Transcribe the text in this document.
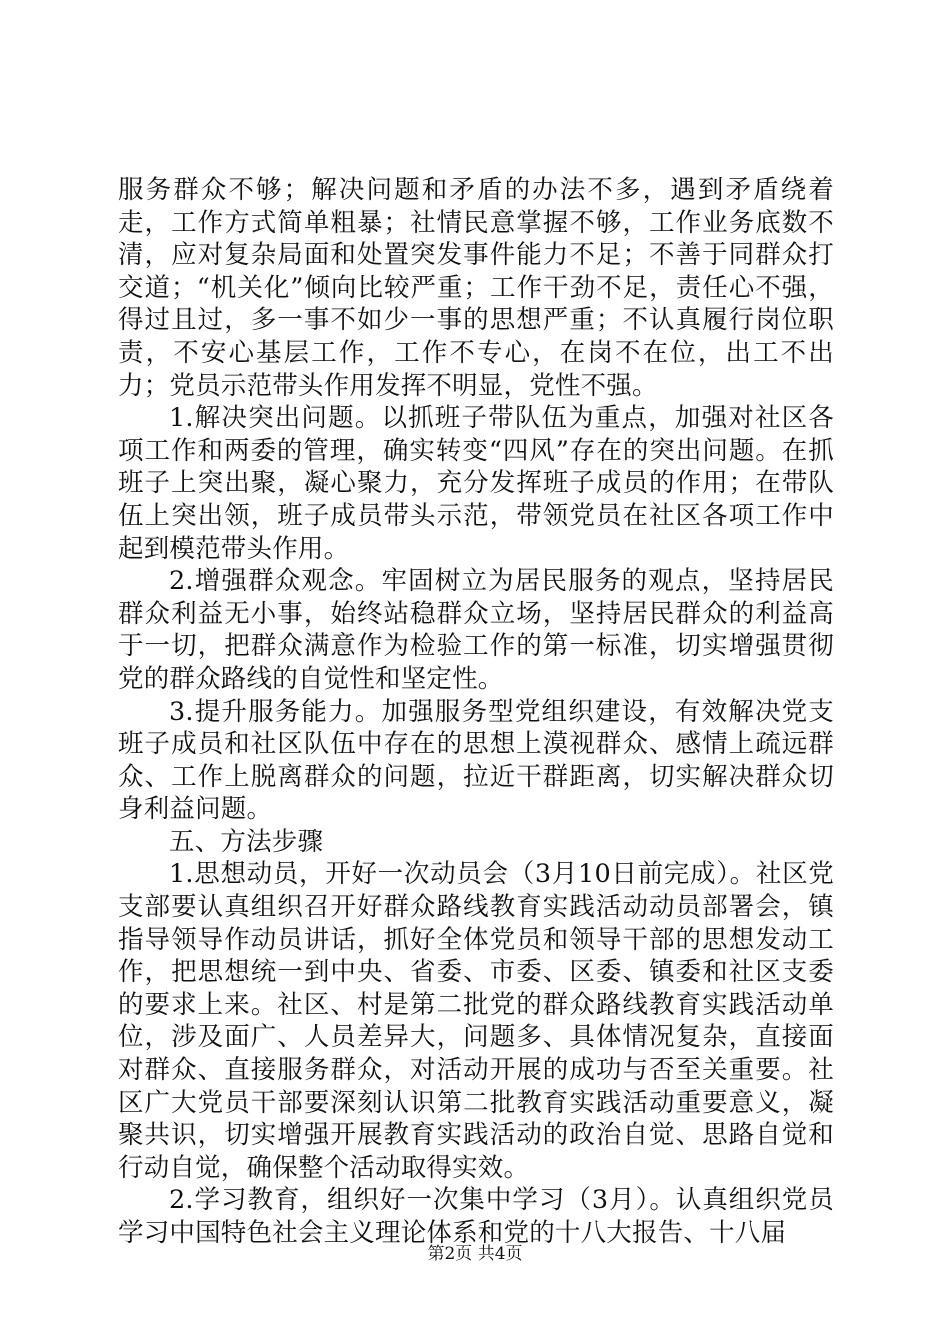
服务群众不够；解决问题和矛盾的办法不多，遇到矛盾绕着走，工作方式简单粗暴；社情民意掌握不够，工作业务底数不清，应对复杂局面和处置突发事件能力不足；不善于同群众打交道；“机关化”倾向比较严重；工作干劲不足，责任心不强，得过且过，多一事不如少一事的思想严重；不认真履行岗位职责，不安心基层工作，工作不专心，在岗不在位，出工不出力；党员示范带头作用发挥不明显，党性不强。

1.解决突出问题。以抓班子带队伍为重点，加强对社区各项工作和两委的管理，确实转变“四风”存在的突出问题。在抓班子上突出聚，凝心聚力，充分发挥班子成员的作用；在带队伍上突出领，班子成员带头示范，带领党员在社区各项工作中起到模范带头作用。

2.增强群众观念。牢固树立为居民服务的观点，坚持居民群众利益无小事，始终站稳群众立场，坚持居民群众的利益高于一切，把群众满意作为检验工作的第一标准，切实增强贯彻党的群众路线的自觉性和坚定性。

3.提升服务能力。加强服务型党组织建设，有效解决党支班子成员和社区队伍中存在的思想上漠视群众、感情上疏远群众、工作上脱离群众的问题，拉近干群距离，切实解决群众切身利益问题。

五、方法步骤

1.思想动员，开好一次动员会（3月10日前完成）。社区党支部要认真组织召开好群众路线教育实践活动动员部署会，镇指导领导作动员讲话，抓好全体党员和领导干部的思想发动工作，把思想统一到中央、省委、市委、区委、镇委和社区支委的要求上来。社区、村是第二批党的群众路线教育实践活动单位，涉及面广、人员差异大，问题多、具体情况复杂，直接面对群众、直接服务群众，对活动开展的成功与否至关重要。社区广大党员干部要深刻认识第二批教育实践活动重要意义，凝聚共识，切实增强开展教育实践活动的政治自觉、思路自觉和行动自觉，确保整个活动取得实效。

2.学习教育，组织好一次集中学习（3月）。认真组织党员学习中国特色社会主义理论体系和党的十八大报告、十八届

第2页 共4页
